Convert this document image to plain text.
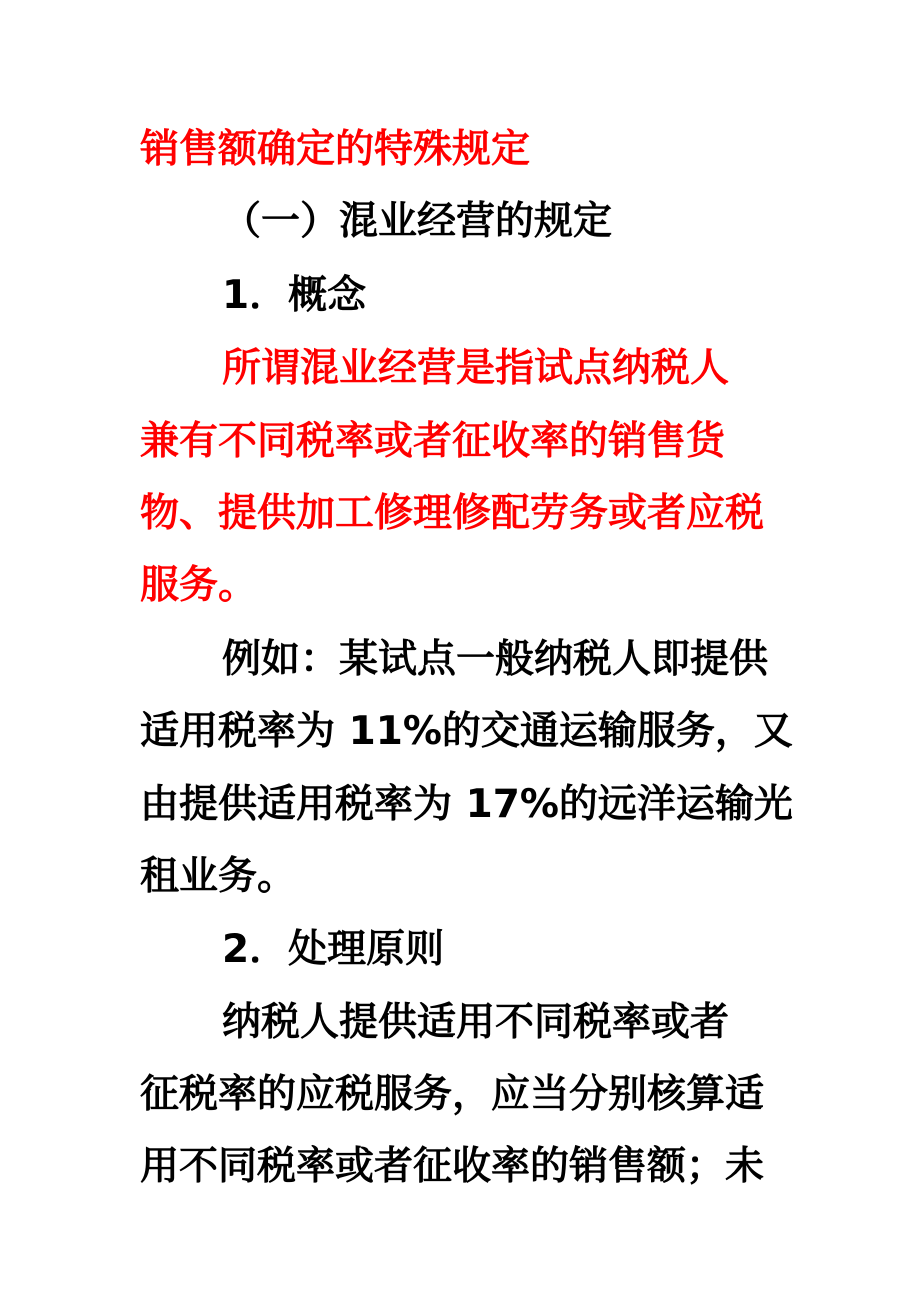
销售额确定的特殊规定

（一）混业经营的规定

1．概念

所谓混业经营是指试点纳税人

兼有不同税率或者征收率的销售货

物、提供加工修理修配劳务或者应税

服务。

例如：某试点一般纳税人即提供

适用税率为 11%的交通运输服务，又

由提供适用税率为 17%的远洋运输光

租业务。

2．处理原则

纳税人提供适用不同税率或者

征税率的应税服务，应当分别核算适

用不同税率或者征收率的销售额；未
